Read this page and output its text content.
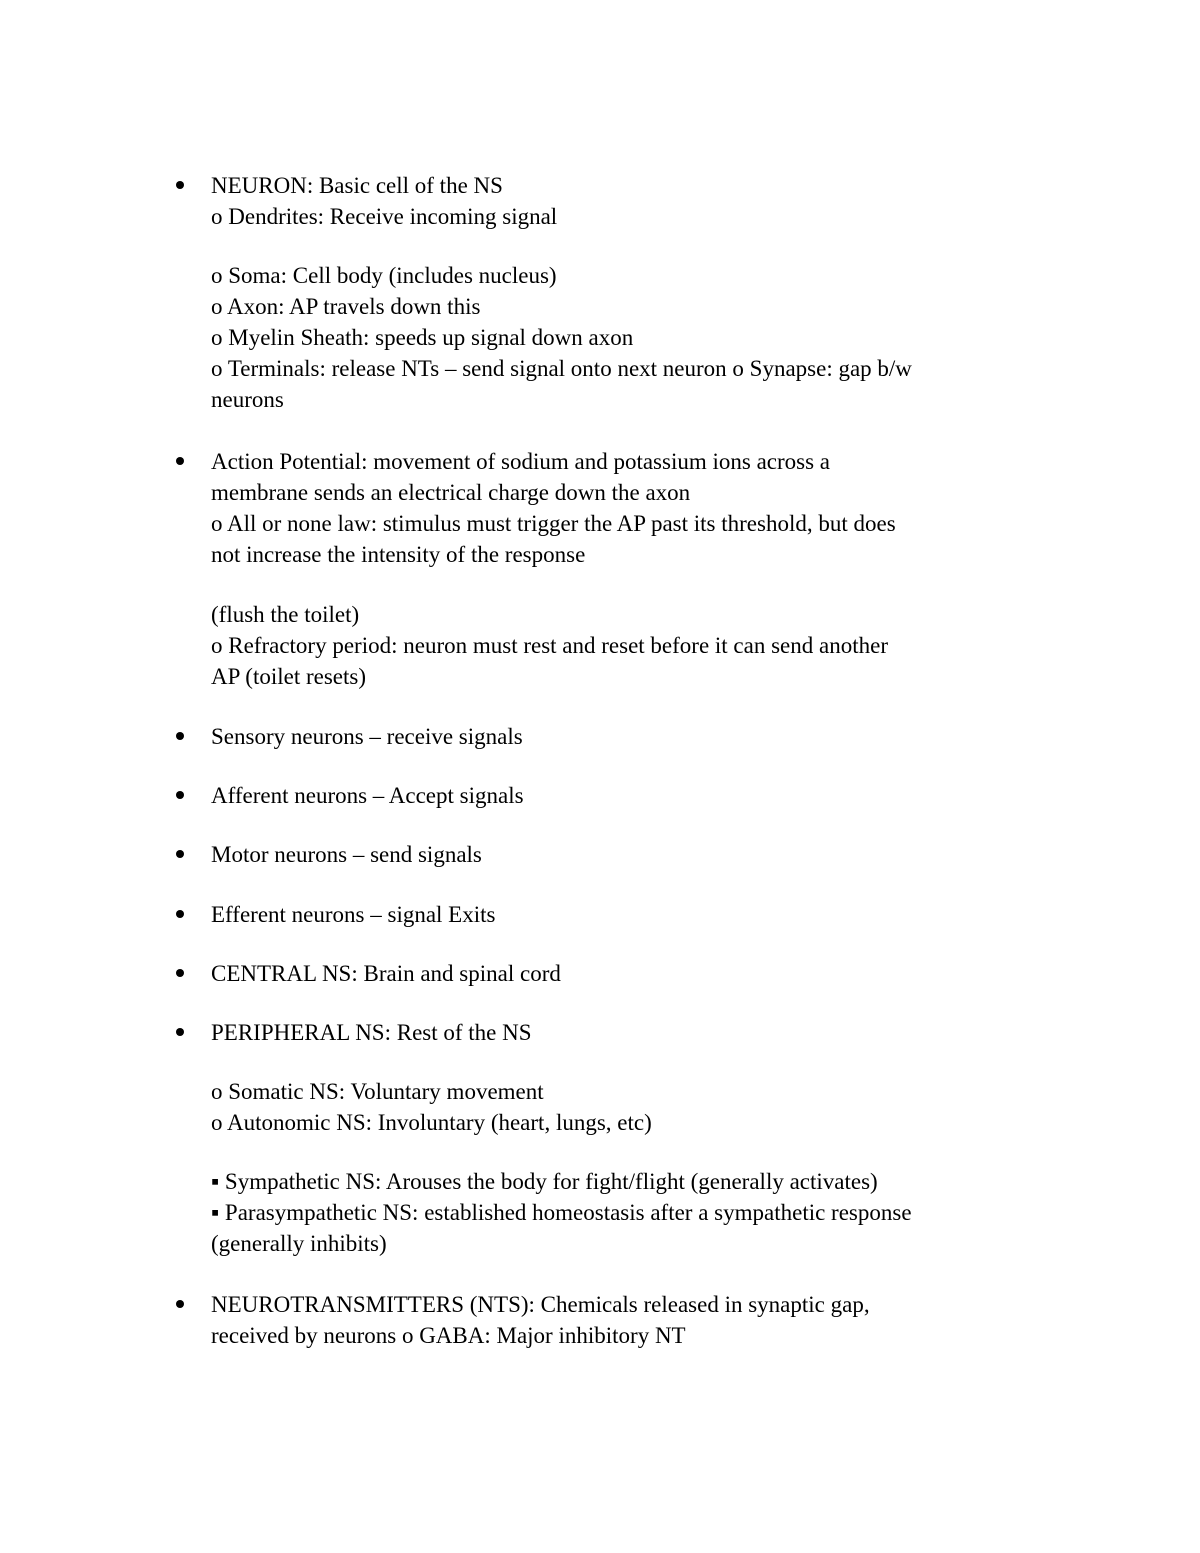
NEURON: Basic cell of the NS
o Dendrites: Receive incoming signal
o Soma: Cell body (includes nucleus)
o Axon: AP travels down this
o Myelin Sheath: speeds up signal down axon
o Terminals: release NTs – send signal onto next neuron o Synapse: gap b/w
neurons
Action Potential: movement of sodium and potassium ions across a
membrane sends an electrical charge down the axon
o All or none law: stimulus must trigger the AP past its threshold, but does
not increase the intensity of the response
(flush the toilet)
o Refractory period: neuron must rest and reset before it can send another
AP (toilet resets)
Sensory neurons – receive signals
Afferent neurons – Accept signals
Motor neurons – send signals
Efferent neurons – signal Exits
CENTRAL NS: Brain and spinal cord
PERIPHERAL NS: Rest of the NS
o Somatic NS: Voluntary movement
o Autonomic NS: Involuntary (heart, lungs, etc)
▪ Sympathetic NS: Arouses the body for fight/flight (generally activates)
▪ Parasympathetic NS: established homeostasis after a sympathetic response
(generally inhibits)
NEUROTRANSMITTERS (NTS): Chemicals released in synaptic gap,
received by neurons o GABA: Major inhibitory NT
